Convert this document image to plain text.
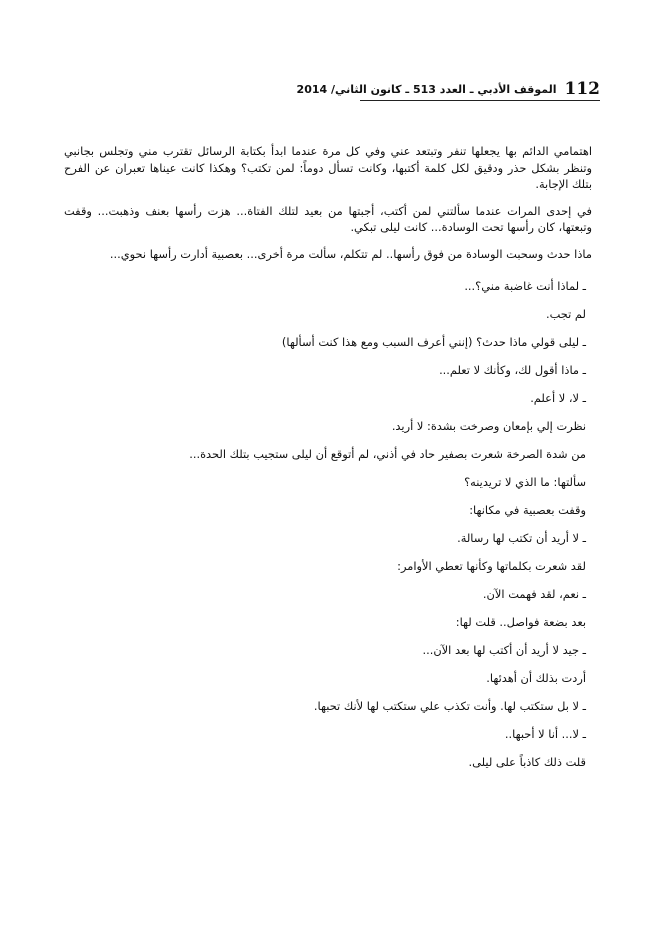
112
الموقف الأدبي ـ العدد 513 ـ كانون الثاني/ 2014

اهتمامي الدائم بها يجعلها تنفر وتبتعد عني وفي كل مرة عندما ابدأ بكتابة الرسائل تقترب مني وتجلس بجانبي وتنظر بشكل حذر ودقيق لكل كلمة أكتبها، وكانت تسأل دوماً: لمن تكتب؟ وهكذا كانت عيناها تعبران عن الفرح بتلك الإجابة.

في إحدى المرات عندما سألتني لمن أكتب، أجبتها من بعيد لتلك الفتاة... هزت رأسها بعنف وذهبت... وقفت وتبعتها، كان رأسها تحت الوسادة... كانت ليلى تبكي.

ماذا حدث وسحبت الوسادة من فوق رأسها.. لم تتكلم، سألت مرة أخرى... بعصبية أدارت رأسها نحوي...

ـ لماذا أنت غاضبة مني؟...

لم تجب.

ـ ليلى قولي ماذا حدث؟ (إنني أعرف السبب ومع هذا كنت أسألها)

ـ ماذا أقول لك، وكأنك لا تعلم...

ـ لا، لا أعلم.

نظرت إلي بإمعان وصرخت بشدة: لا أريد.

من شدة الصرخة شعرت بصفير حاد في أذني، لم أتوقع أن ليلى ستجيب بتلك الحدة...

سألتها: ما الذي لا تريدينه؟

وقفت بعصبية في مكانها:

ـ لا أريد أن تكتب لها رسالة.

لقد شعرت بكلماتها وكأنها تعطي الأوامر:

ـ نعم، لقد فهمت الآن.

بعد بضعة فواصل.. قلت لها:

ـ جيد لا أريد أن أكتب لها بعد الآن...

أردت بذلك أن أهدئها.

ـ لا بل ستكتب لها. وأنت تكذب علي ستكتب لها لأنك تحبها.

ـ لا... أنا لا أحبها..

قلت ذلك كاذباً على ليلى.
